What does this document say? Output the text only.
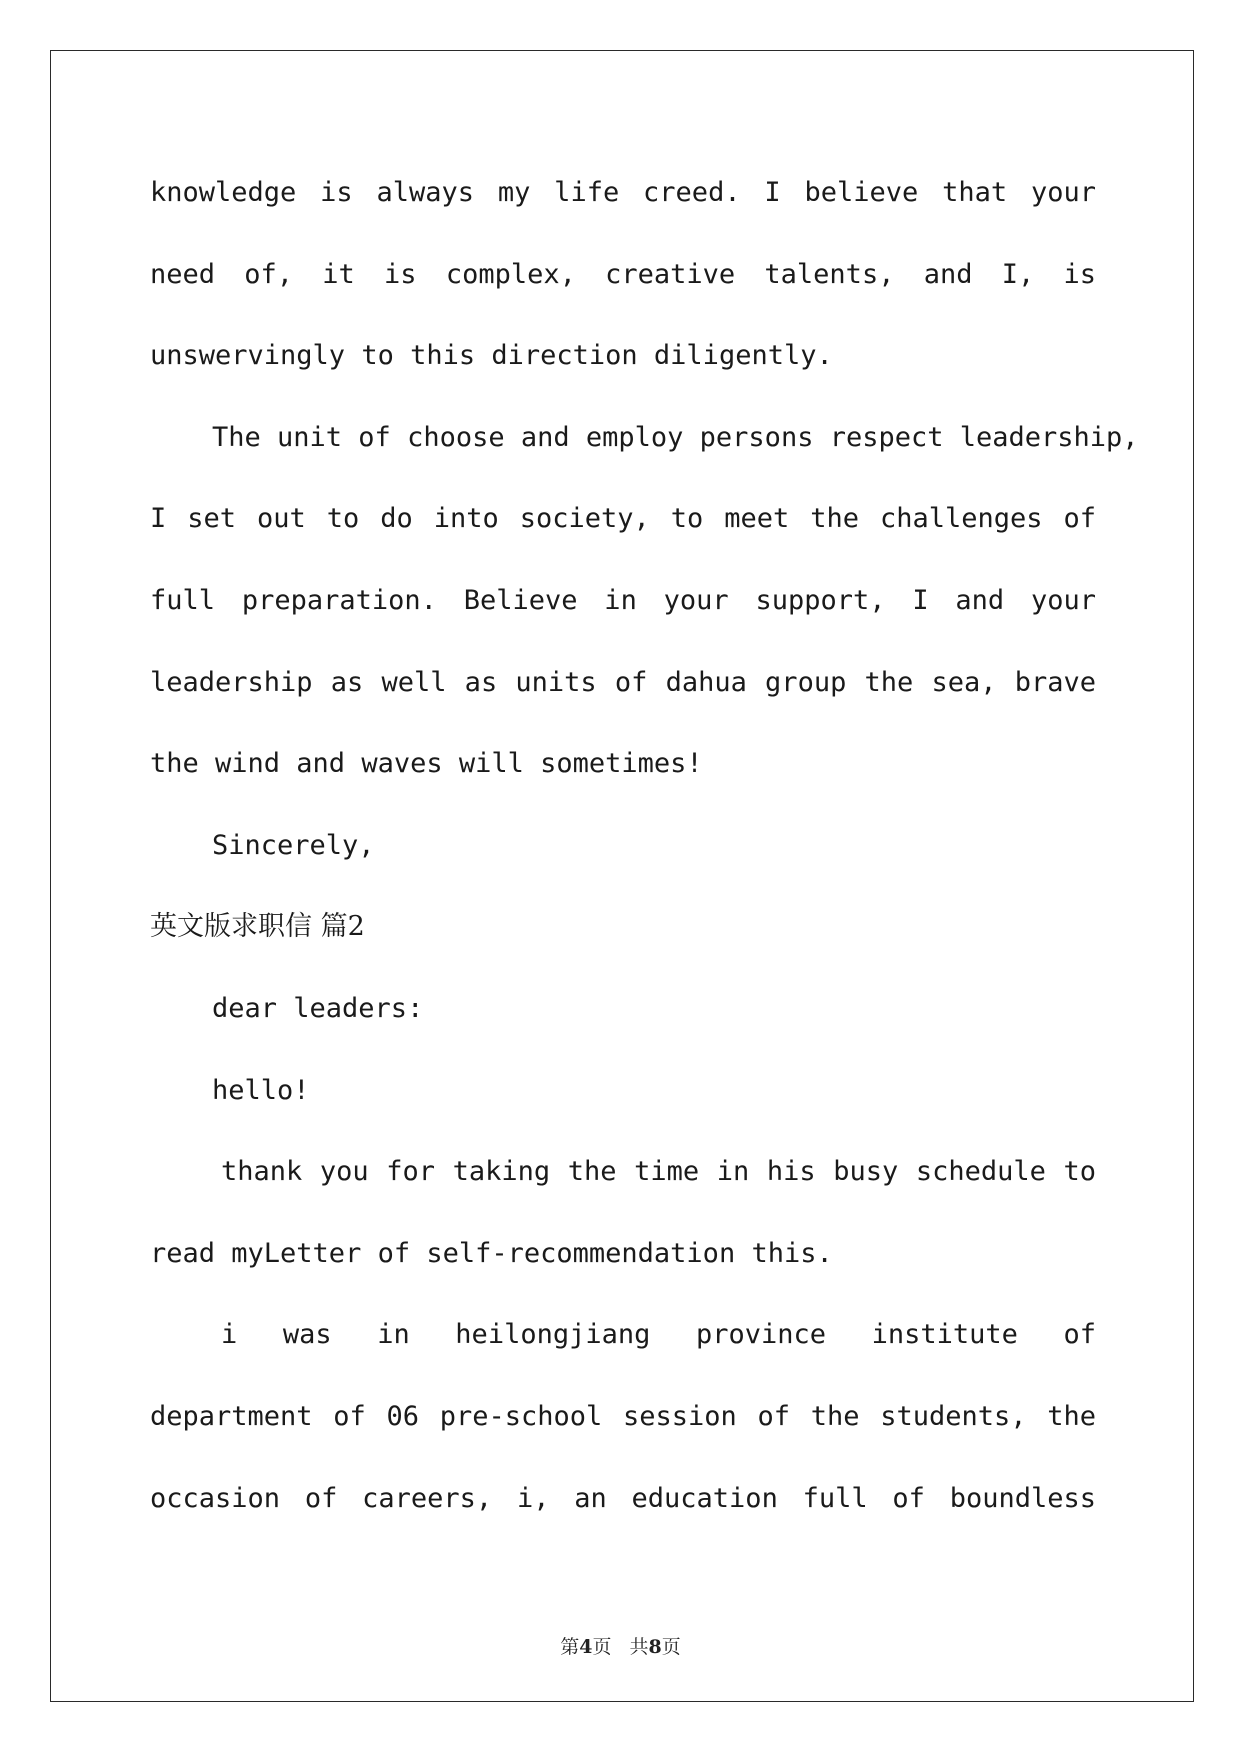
knowledge is always my life creed. I believe that your
need of, it is complex, creative talents, and I, is
unswervingly to this direction diligently.
The unit of choose and employ persons respect leadership,
I set out to do into society, to meet the challenges of
full preparation. Believe in your support, I and your
leadership as well as units of dahua group the sea, brave
the wind and waves will sometimes!
Sincerely,
英文版求职信 篇2
dear leaders:
hello!
thank you for taking the time in his busy schedule to
read myLetter of self-recommendation this.
i was in heilongjiang province institute of
department of 06 pre-school session of the students, the
occasion of careers, i, an education full of boundless
第4页 共8页
